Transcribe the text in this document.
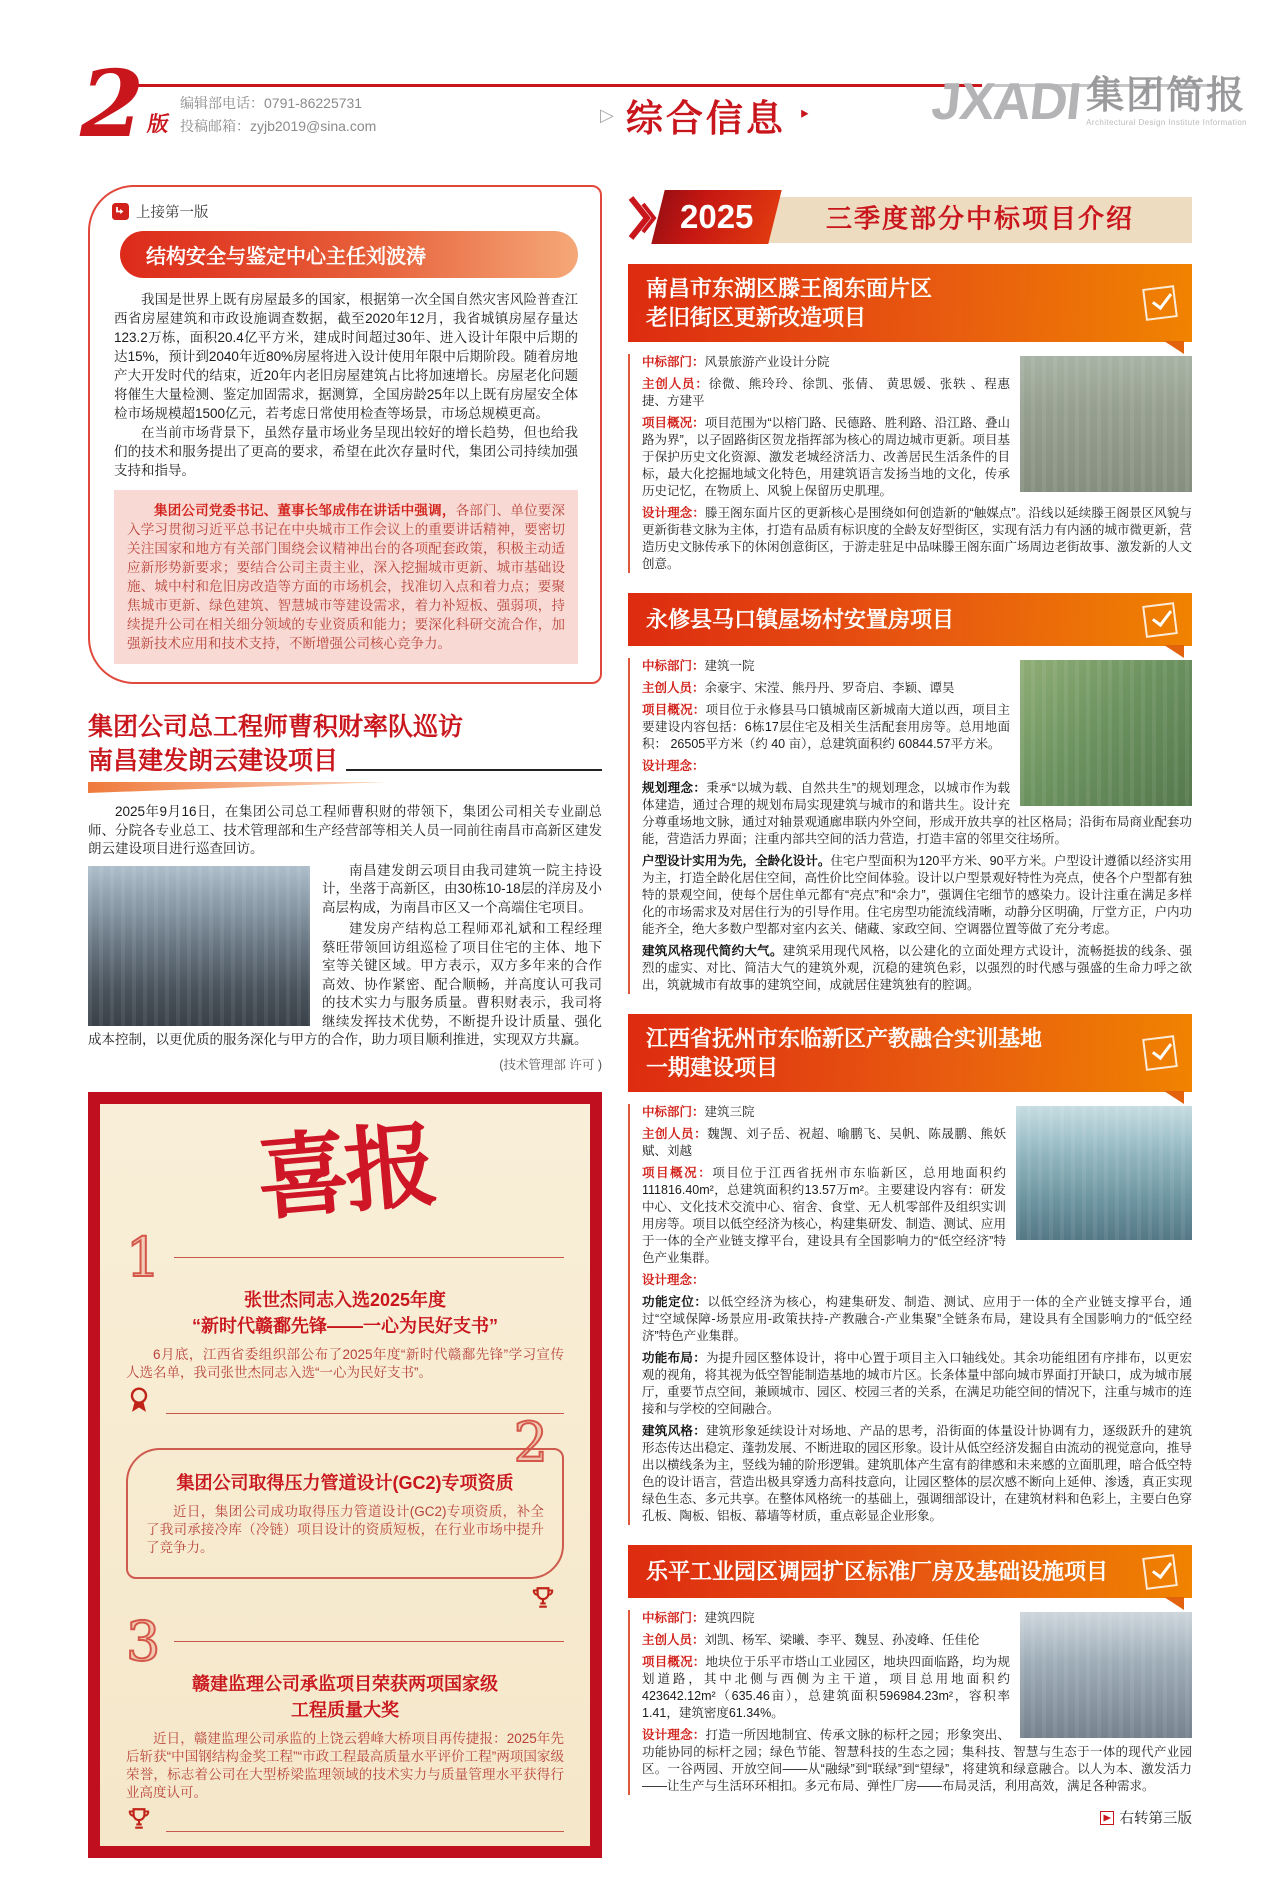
2 版
编辑部电话：0791-86225731
投稿邮箱：zyjb2019@sina.com
▷ 综合信息 ‣ JXADI 集团简报
Architectural Design Institute Information
上接第一版
结构安全与鉴定中心主任刘波涛

我国是世界上既有房屋最多的国家，根据第一次全国自然灾害风险普查江西省房屋建筑和市政设施调查数据，截至2020年12月，我省城镇房屋存量达123.2万栋，面积20.4亿平方米，建成时间超过30年、进入设计年限中后期的达15%，预计到2040年近80%房屋将进入设计使用年限中后期阶段。随着房地产大开发时代的结束，近20年内老旧房屋建筑占比将加速增长。房屋老化问题将催生大量检测、鉴定加固需求，据测算，全国房龄25年以上既有房屋安全体检市场规模超1500亿元，若考虑日常使用检查等场景，市场总规模更高。

在当前市场背景下，虽然存量市场业务呈现出较好的增长趋势，但也给我们的技术和服务提出了更高的要求，希望在此次存量时代，集团公司持续加强支持和指导。

集团公司党委书记、董事长邹成伟在讲话中强调，各部门、单位要深入学习贯彻习近平总书记在中央城市工作会议上的重要讲话精神，要密切关注国家和地方有关部门围绕会议精神出台的各项配套政策，积极主动适应新形势新要求；要结合公司主责主业，深入挖掘城市更新、城市基础设施、城中村和危旧房改造等方面的市场机会，找准切入点和着力点；要聚焦城市更新、绿色建筑、智慧城市等建设需求，着力补短板、强弱项，持续提升公司在相关细分领域的专业资质和能力；要深化科研交流合作，加强新技术应用和技术支持，不断增强公司核心竞争力。
集团公司总工程师曹积财率队巡访
南昌建发朗云建设项目

2025年9月16日，在集团公司总工程师曹积财的带领下，集团公司相关专业副总师、分院各专业总工、技术管理部和生产经营部等相关人员一同前往南昌市高新区建发朗云建设项目进行巡查回访。

南昌建发朗云项目由我司建筑一院主持设计，坐落于高新区，由30栋10-18层的洋房及小高层构成，为南昌市区又一个高端住宅项目。

建发房产结构总工程师邓礼斌和工程经理蔡旺带领回访组巡检了项目住宅的主体、地下室等关键区域。甲方表示，双方多年来的合作高效、协作紧密、配合顺畅，并高度认可我司的技术实力与服务质量。曹积财表示，我司将继续发挥技术优势，不断提升设计质量、强化成本控制，以更优质的服务深化与甲方的合作，助力项目顺利推进，实现双方共赢。

(技术管理部 许可 )
喜报
1
张世杰同志入选2025年度
“新时代赣鄱先锋——一心为民好支书”

6月底，江西省委组织部公布了2025年度“新时代赣鄱先锋”学习宣传人选名单，我司张世杰同志入选“一心为民好支书”。

2
集团公司取得压力管道设计(GC2)专项资质

近日，集团公司成功取得压力管道设计(GC2)专项资质，补全了我司承接冷库（冷链）项目设计的资质短板，在行业市场中提升了竞争力。

3
赣建监理公司承监项目荣获两项国家级
工程质量大奖

近日，赣建监理公司承监的上饶云碧峰大桥项目再传捷报：2025年先后斩获“中国钢结构金奖工程”“市政工程最高质量水平评价工程”两项国家级荣誉，标志着公司在大型桥梁监理领域的技术实力与质量管理水平获得行业高度认可。

2025	三季度部分中标项目介绍
南昌市东湖区滕王阁东面片区
老旧街区更新改造项目

中标部门：风景旅游产业设计分院

主创人员：徐微、熊玲玲、徐凯、张倩、 黄思媛、张轶 、程惠捷、方建平

项目概况：项目范围为“以榕门路、民德路、胜利路、沿江路、叠山路为界”，以子固路街区贺龙指挥部为核心的周边城市更新。项目基于保护历史文化资源、激发老城经济活力、改善居民生活条件的目标，最大化挖掘地域文化特色，用建筑语言发扬当地的文化，传承历史记忆，在物质上、风貌上保留历史肌理。

设计理念：滕王阁东面片区的更新核心是围绕如何创造新的“触媒点”。沿线以延续滕王阁景区风貌与更新街巷文脉为主体，打造有品质有标识度的全龄友好型街区，实现有活力有内涵的城市微更新，营造历史文脉传承下的休闲创意街区，于游走驻足中品味滕王阁东面广场周边老街故事、激发新的人文创意。

永修县马口镇屋场村安置房项目

中标部门：建筑一院

主创人员：余豪宇、宋滢、熊丹丹、罗奇启、李颖、谭昊

项目概况：项目位于永修县马口镇城南区新城南大道以西，项目主要建设内容包括：6栋17层住宅及相关生活配套用房等。总用地面积： 26505平方米（约 40 亩），总建筑面积约 60844.57平方米。

设计理念：

规划理念：秉承“以城为载、自然共生”的规划理念，以城市作为载体建造，通过合理的规划布局实现建筑与城市的和谐共生。设计充分尊重场地文脉，通过对轴景观通廊串联内外空间，形成开放共享的社区格局；沿街布局商业配套功能，营造活力界面；注重内部共空间的活力营造，打造丰富的邻里交往场所。

户型设计实用为先，全龄化设计。住宅户型面积为120平方米、90平方米。户型设计遵循以经济实用为主，打造全龄化居住空间，高性价比空间体验。设计以户型景观好特性为亮点，使各个户型都有独特的景观空间，使每个居住单元都有“亮点”和“余力”，强调住宅细节的感染力。设计注重在满足多样化的市场需求及对居住行为的引导作用。住宅房型功能流线清晰，动静分区明确，厅堂方正，户内功能齐全，绝大多数户型都对室内玄关、储藏、家政空间、空调器位置等做了充分考虑。

建筑风格现代简约大气。建筑采用现代风格，以公建化的立面处理方式设计，流畅挺拔的线条、强烈的虚实、对比、简洁大气的建筑外观，沉稳的建筑色彩，以强烈的时代感与强盛的生命力呼之欲出，筑就城市有故事的建筑空间，成就居住建筑独有的腔调。

江西省抚州市东临新区产教融合实训基地
一期建设项目

中标部门：建筑三院

主创人员：魏觊、刘子岳、祝超、喻鹏飞、吴帆、陈晟鹏、熊妖赋、刘越

项目概况：项目位于江西省抚州市东临新区，总用地面积约111816.40m²，总建筑面积约13.57万m²。主要建设内容有：研发中心、文化技术交流中心、宿舍、食堂、无人机零部件及组织实训用房等。项目以低空经济为核心，构建集研发、制造、测试、应用于一体的全产业链支撑平台，建设具有全国影响力的“低空经济”特色产业集群。

设计理念：

功能定位：以低空经济为核心，构建集研发、制造、测试、应用于一体的全产业链支撑平台，通过“空域保障-场景应用-政策扶持-产教融合-产业集聚”全链条布局，建设具有全国影响力的“低空经济”特色产业集群。

功能布局：为提升园区整体设计，将中心置于项目主入口轴线处。其余功能组团有序排布，以更宏观的视角，将其视为低空智能制造基地的城市片区。长条体量中部向城市界面打开缺口，成为城市展厅，重要节点空间，兼顾城市、园区、校园三者的关系，在满足功能空间的情况下，注重与城市的连接和与学校的空间融合。

建筑风格：建筑形象延续设计对场地、产品的思考，沿街面的体量设计协调有力，逐级跃升的建筑形态传达出稳定、蓬勃发展、不断进取的园区形象。设计从低空经济发掘自由流动的视觉意向，推导出以横线条为主，竖线为辅的阶形逻辑。建筑肌体产生富有韵律感和未来感的立面肌理，暗合低空特色的设计语言，营造出极具穿透力高科技意向，让园区整体的层次感不断向上延伸、渗透，真正实现绿色生态、多元共享。在整体风格统一的基础上，强调细部设计，在建筑材料和色彩上，主要白色穿孔板、陶板、铝板、幕墙等材质，重点彰显企业形象。

乐平工业园区调园扩区标准厂房及基础设施项目

中标部门：建筑四院

主创人员：刘凯、杨军、梁曦、李平、魏昱、孙凌峰、任佳伦

项目概况：地块位于乐平市塔山工业园区，地块四面临路，均为规划道路，其中北侧与西侧为主干道，项目总用地面积约 423642.12m²（635.46亩），总建筑面积596984.23m²，容积率1.41，建筑密度61.34%。

设计理念：打造一所因地制宜、传承文脉的标杆之园；形象突出、功能协同的标杆之园；绿色节能、智慧科技的生态之园；集科技、智慧与生态于一体的现代产业园区。一谷两园、开放空间——从“融绿”到“联绿”到“望绿”，将建筑和绿意融合。以人为本、激发活力——让生产与生活环环相扣。多元布局、弹性厂房——布局灵活，利用高效，满足各种需求。

右转第三版
